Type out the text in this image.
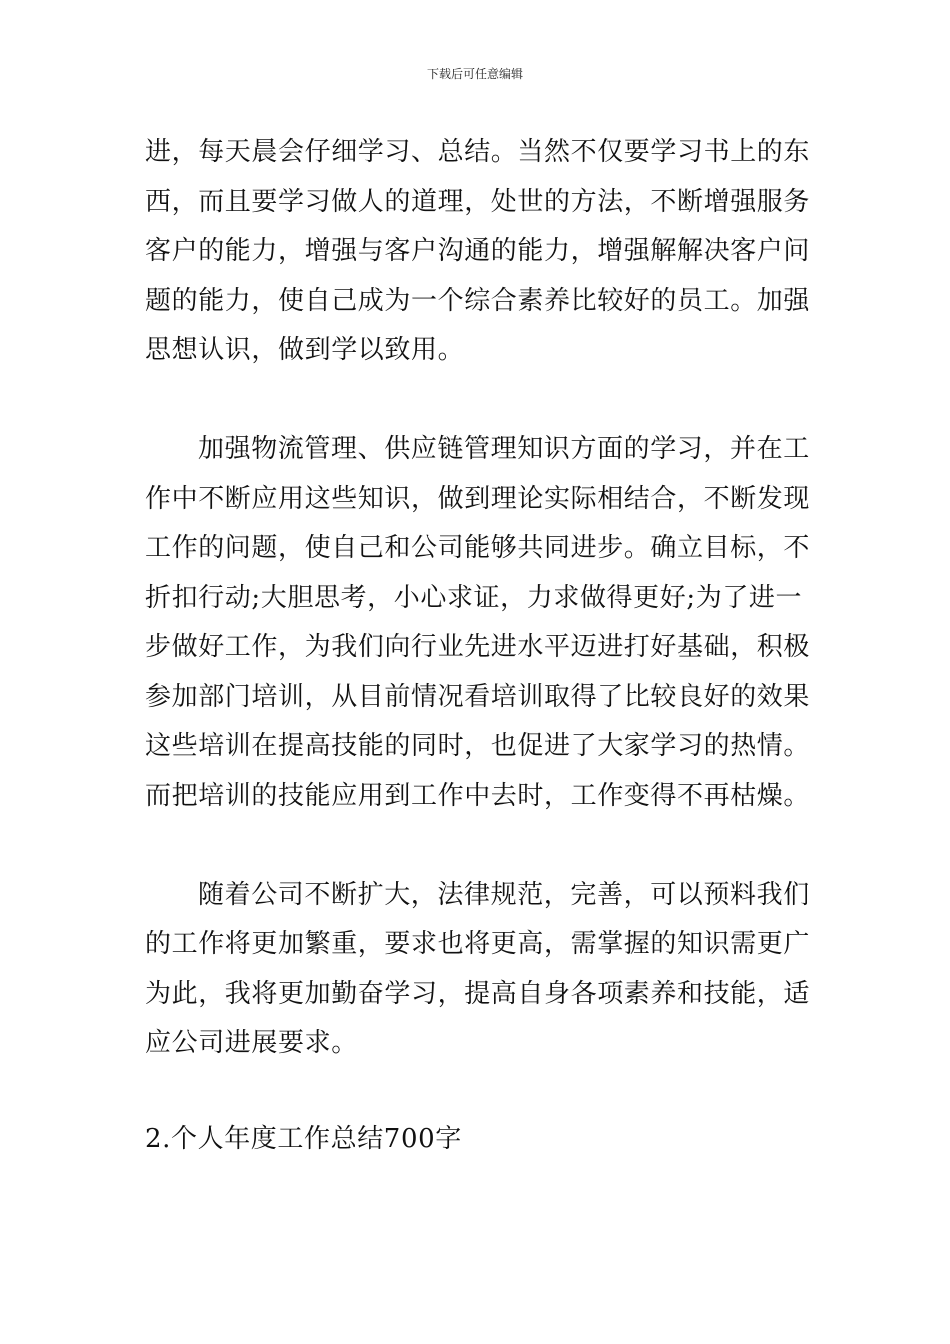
下载后可任意编辑
进，每天晨会仔细学习、总结。当然不仅要学习书上的东
西，而且要学习做人的道理，处世的方法，不断增强服务
客户的能力，增强与客户沟通的能力，增强解解决客户问
题的能力，使自己成为一个综合素养比较好的员工。加强
思想认识，做到学以致用。
加强物流管理、供应链管理知识方面的学习，并在工
作中不断应用这些知识，做到理论实际相结合，不断发现
工作的问题，使自己和公司能够共同进步。确立目标，不
折扣行动;大胆思考，小心求证，力求做得更好;为了进一
步做好工作，为我们向行业先进水平迈进打好基础，积极
参加部门培训，从目前情况看培训取得了比较良好的效果
这些培训在提高技能的同时，也促进了大家学习的热情。
而把培训的技能应用到工作中去时，工作变得不再枯燥。
随着公司不断扩大，法律规范，完善，可以预料我们
的工作将更加繁重，要求也将更高，需掌握的知识需更广
为此，我将更加勤奋学习，提高自身各项素养和技能，适
应公司进展要求。
2.个人年度工作总结700字
